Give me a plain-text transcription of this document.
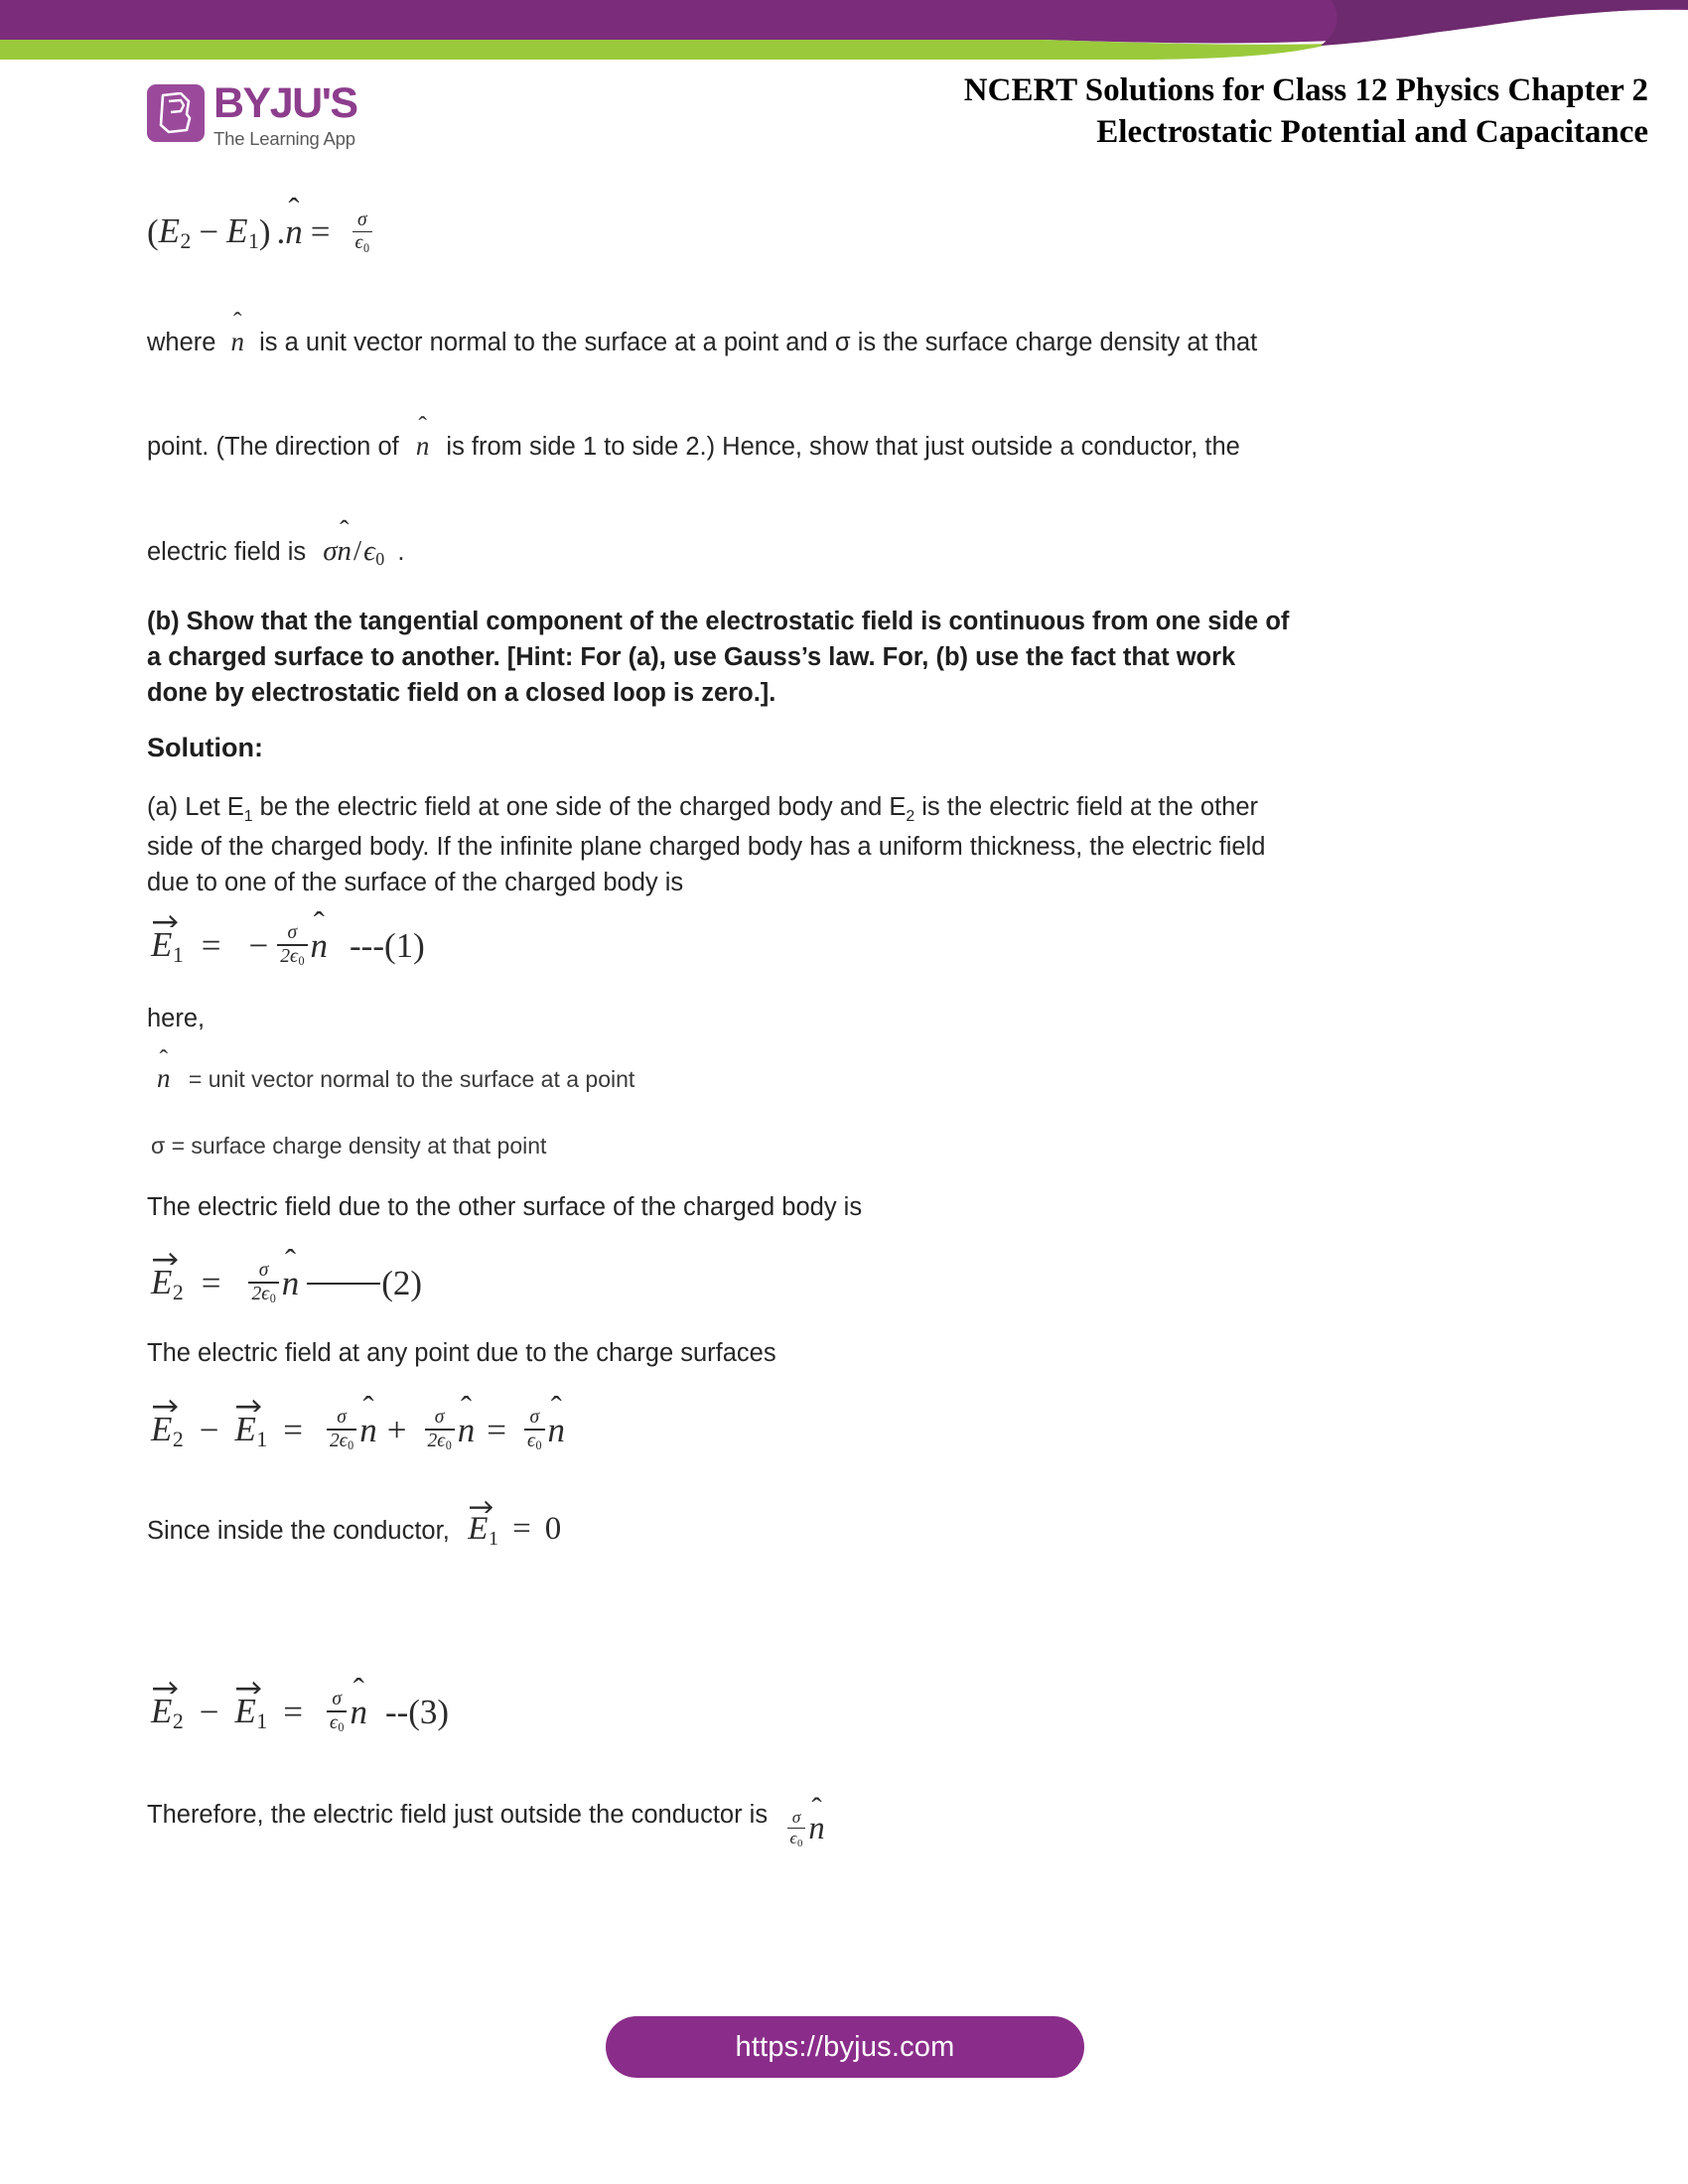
BYJU'S
The Learning App
NCERT Solutions for Class 12 Physics Chapter 2
Electrostatic Potential and Capacitance
( $E_2 - E_1$ ) . $n = \frac{\sigma}{\epsilon_0}$
where n is a unit vector normal to the surface at a point and σ is the surface charge density at that
point. (The direction of n is from side 1 to side 2.) Hence, show that just outside a conductor, the
electric field is σ n / $\epsilon_0$ .
(b) Show that the tangential component of the electrostatic field is continuous from one side of
a charged surface to another. [Hint: For (a), use Gauss’s law. For, (b) use the fact that work
done by electrostatic field on a closed loop is zero.].
Solution:
(a) Let $E_1$ be the electric field at one side of the charged body and $E_2$ is the electric field at the other
side of the charged body. If the infinite plane charged body has a uniform thickness, the electric field
due to one of the surface of the charged body is
$E_1$ = − $\frac{\sigma}{2\epsilon_0}$ n ---(1)
here,
n = unit vector normal to the surface at a point
σ = surface charge density at that point
The electric field due to the other surface of the charged body is
$E_2 = \frac{\sigma}{2\epsilon_0}$ n (2)
The electric field at any point due to the charge surfaces
$E_2 - E_1 = \frac{\sigma}{2\epsilon_0}$ $n + \frac{\sigma}{2\epsilon_0}$ $n = \frac{\sigma}{\epsilon_0}$ n
Since inside the conductor, $E_1 = 0$
$E_2 - E_1 = \frac{\sigma}{\epsilon_0}$ n --(3)
Therefore, the electric field just outside the conductor is $\frac{\sigma}{\epsilon_0}$ n
https://byjus.com
